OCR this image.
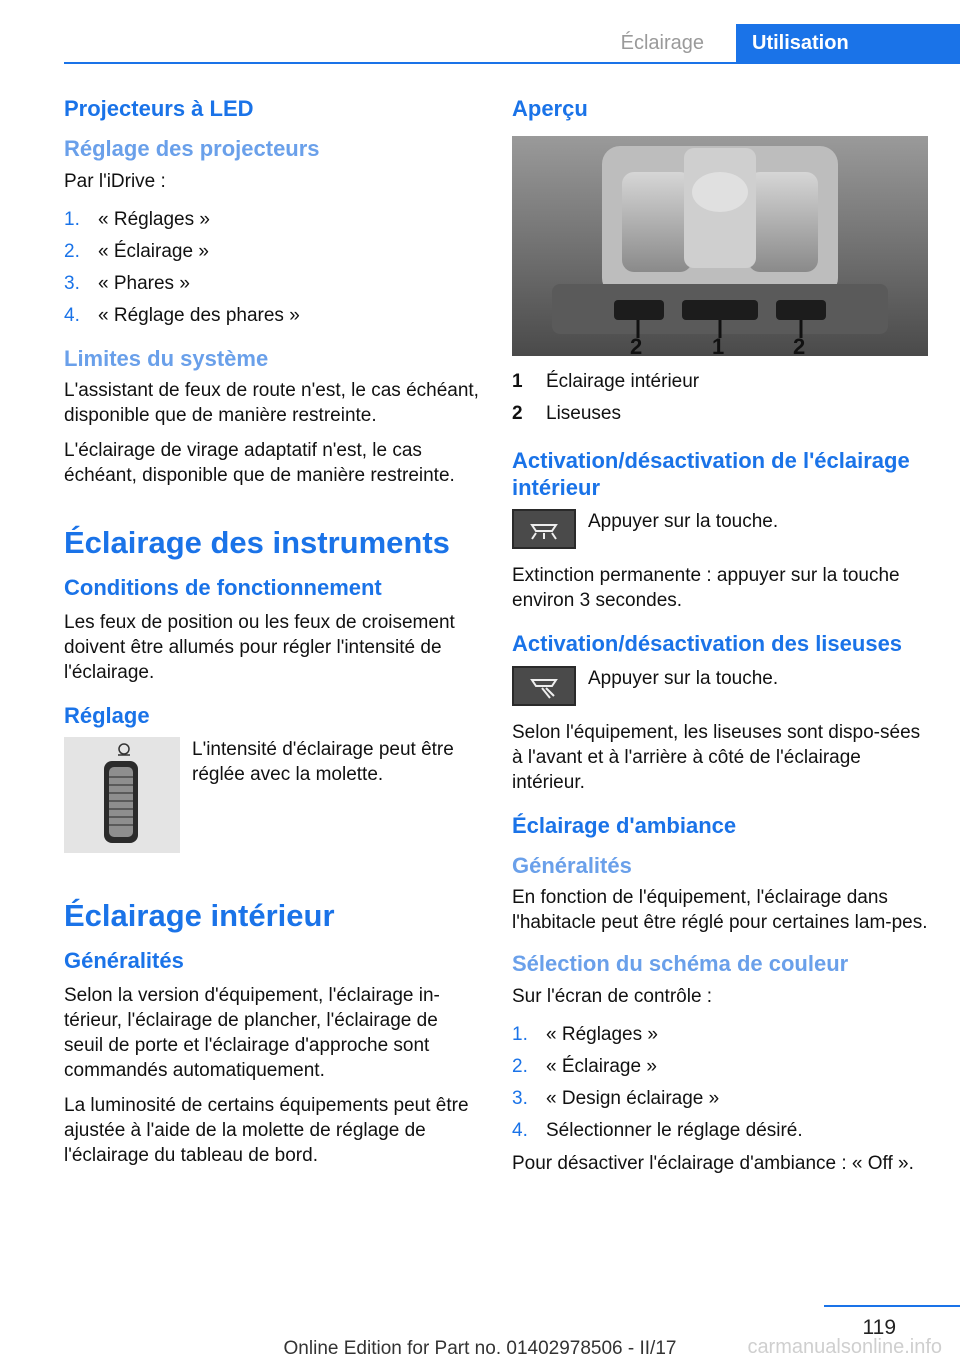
Éclairage	Utilisation
Projecteurs à LED
Réglage des projecteurs

Par l'iDrive :

1. « Réglages »
2. « Éclairage »
3. « Phares »
4. « Réglage des phares »
Limites du système

L'assistant de feux de route n'est, le cas échéant, disponible que de manière restreinte.

L'éclairage de virage adaptatif n'est, le cas échéant, disponible que de manière restreinte.

Éclairage des instruments
Conditions de fonctionnement

Les feux de position ou les feux de croisement doivent être allumés pour régler l'intensité de l'éclairage.

Réglage

L'intensité d'éclairage peut être réglée avec la molette.

Éclairage intérieur
Généralités

Selon la version d'équipement, l'éclairage in-térieur, l'éclairage de plancher, l'éclairage de seuil de porte et l'éclairage d'approche sont commandés automatiquement.

La luminosité de certains équipements peut être ajustée à l'aide de la molette de réglage de l'éclairage du tableau de bord.

Aperçu
2	1	2
1	Éclairage intérieur
2	Liseuses
Activation/désactivation de l'éclairage intérieur
Appuyer sur la touche.

Extinction permanente : appuyer sur la touche environ 3 secondes.

Activation/désactivation des liseuses
Appuyer sur la touche.

Selon l'équipement, les liseuses sont dispo-sées à l'avant et à l'arrière à côté de l'éclairage intérieur.

Éclairage d'ambiance
Généralités

En fonction de l'équipement, l'éclairage dans l'habitacle peut être réglé pour certaines lam-pes.

Sélection du schéma de couleur

Sur l'écran de contrôle :

1. « Réglages »
2. « Éclairage »
3. « Design éclairage »
4. Sélectionner le réglage désiré.

Pour désactiver l'éclairage d'ambiance : « Off ».

119
Online Edition for Part no. 01402978506 - II/17	carmanualsonline.info
